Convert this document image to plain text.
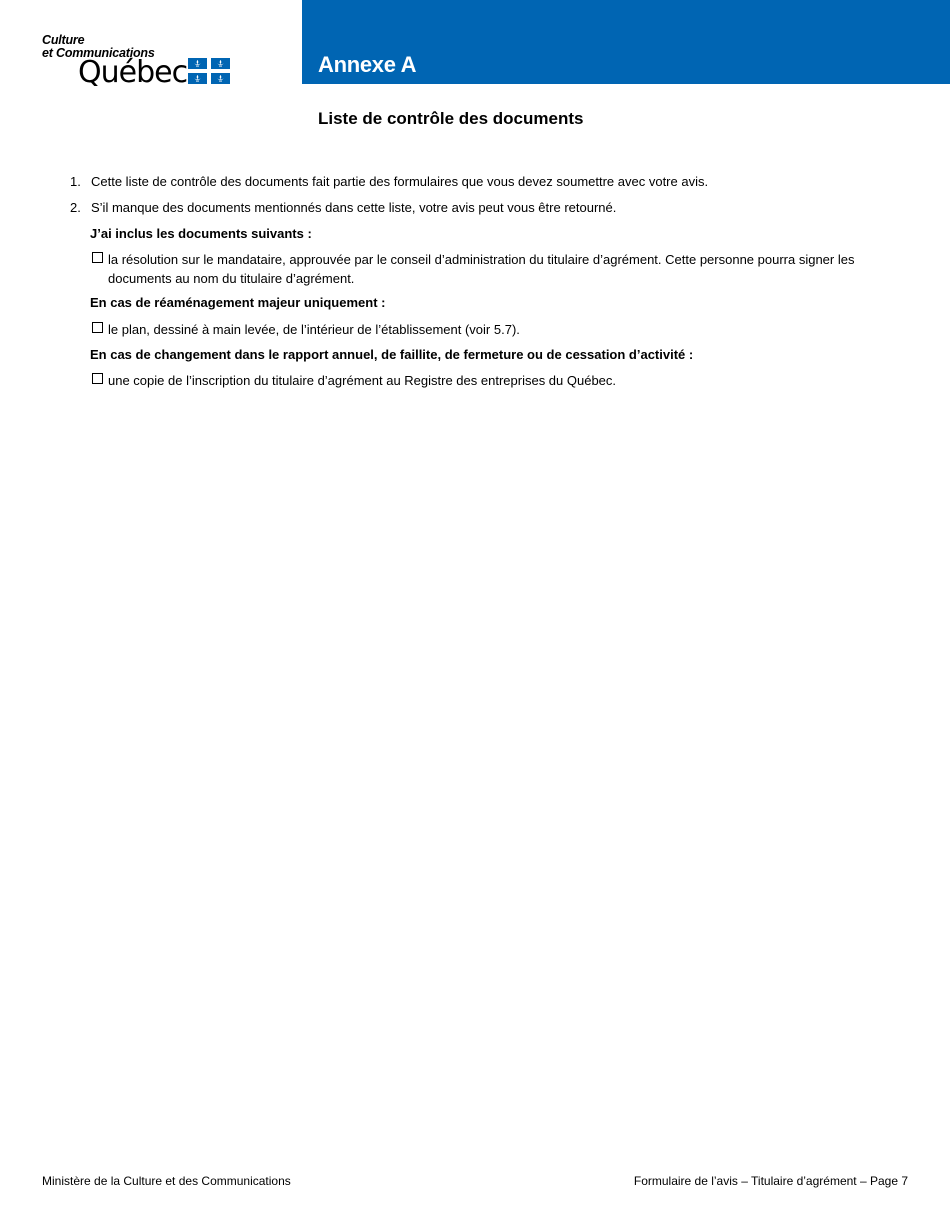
Culture
et Communications
Québec	Annexe A
Liste de contrôle des documents
1. Cette liste de contrôle des documents fait partie des formulaires que vous devez soumettre avec votre avis.
2. S’il manque des documents mentionnés dans cette liste, votre avis peut vous être retourné.
J’ai inclus les documents suivants :
la résolution sur le mandataire, approuvée par le conseil d’administration du titulaire d’agrément. Cette personne pourra signer les documents au nom du titulaire d’agrément.
En cas de réaménagement majeur uniquement :
le plan, dessiné à main levée, de l’intérieur de l’établissement (voir 5.7).
En cas de changement dans le rapport annuel, de faillite, de fermeture ou de cessation d’activité :
une copie de l’inscription du titulaire d’agrément au Registre des entreprises du Québec.
Ministère de la Culture et des Communications	Formulaire de l’avis – Titulaire d’agrément – Page 7
